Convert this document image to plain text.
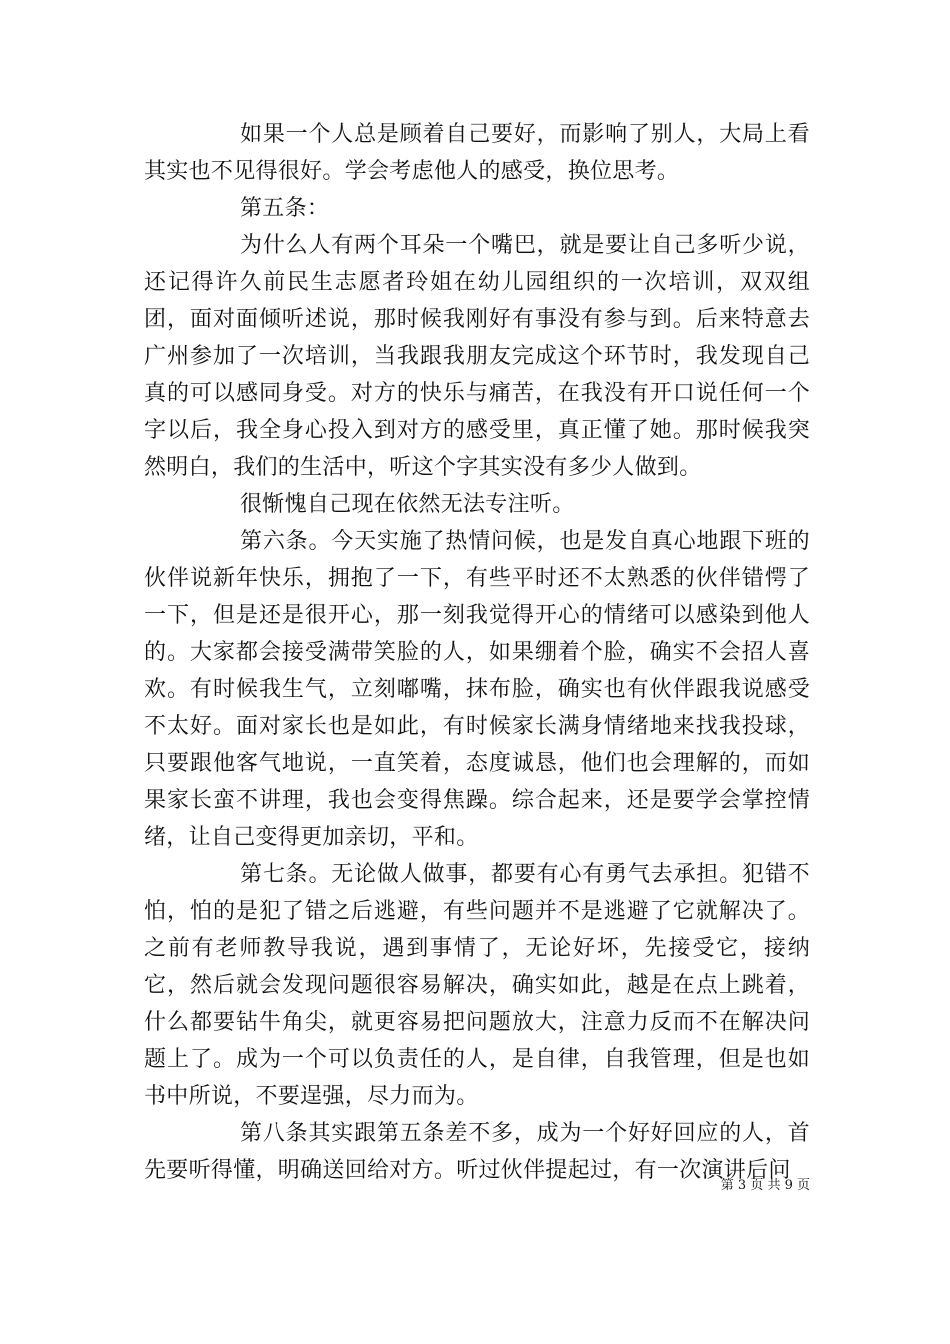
如果一个人总是顾着自己要好，而影响了别人，大局上看其实也不见得很好。学会考虑他人的感受，换位思考。

第五条：

为什么人有两个耳朵一个嘴巴，就是要让自己多听少说，还记得许久前民生志愿者玲姐在幼儿园组织的一次培训，双双组团，面对面倾听述说，那时候我刚好有事没有参与到。后来特意去广州参加了一次培训，当我跟我朋友完成这个环节时，我发现自己真的可以感同身受。对方的快乐与痛苦，在我没有开口说任何一个字以后，我全身心投入到对方的感受里，真正懂了她。那时候我突然明白，我们的生活中，听这个字其实没有多少人做到。

很惭愧自己现在依然无法专注听。

第六条。今天实施了热情问候，也是发自真心地跟下班的伙伴说新年快乐，拥抱了一下，有些平时还不太熟悉的伙伴错愕了一下，但是还是很开心，那一刻我觉得开心的情绪可以感染到他人的。大家都会接受满带笑脸的人，如果绷着个脸，确实不会招人喜欢。有时候我生气，立刻嘟嘴，抹布脸，确实也有伙伴跟我说感受不太好。面对家长也是如此，有时候家长满身情绪地来找我投球，只要跟他客气地说，一直笑着，态度诚恳，他们也会理解的，而如果家长蛮不讲理，我也会变得焦躁。综合起来，还是要学会掌控情绪，让自己变得更加亲切，平和。

第七条。无论做人做事，都要有心有勇气去承担。犯错不怕，怕的是犯了错之后逃避，有些问题并不是逃避了它就解决了。之前有老师教导我说，遇到事情了，无论好坏，先接受它，接纳它，然后就会发现问题很容易解决，确实如此，越是在点上跳着，什么都要钻牛角尖，就更容易把问题放大，注意力反而不在解决问题上了。成为一个可以负责任的人，是自律，自我管理，但是也如书中所说，不要逞强，尽力而为。

第八条其实跟第五条差不多，成为一个好好回应的人，首先要听得懂，明确送回给对方。听过伙伴提起过，有一次演讲后问

第 3 页 共 9 页
